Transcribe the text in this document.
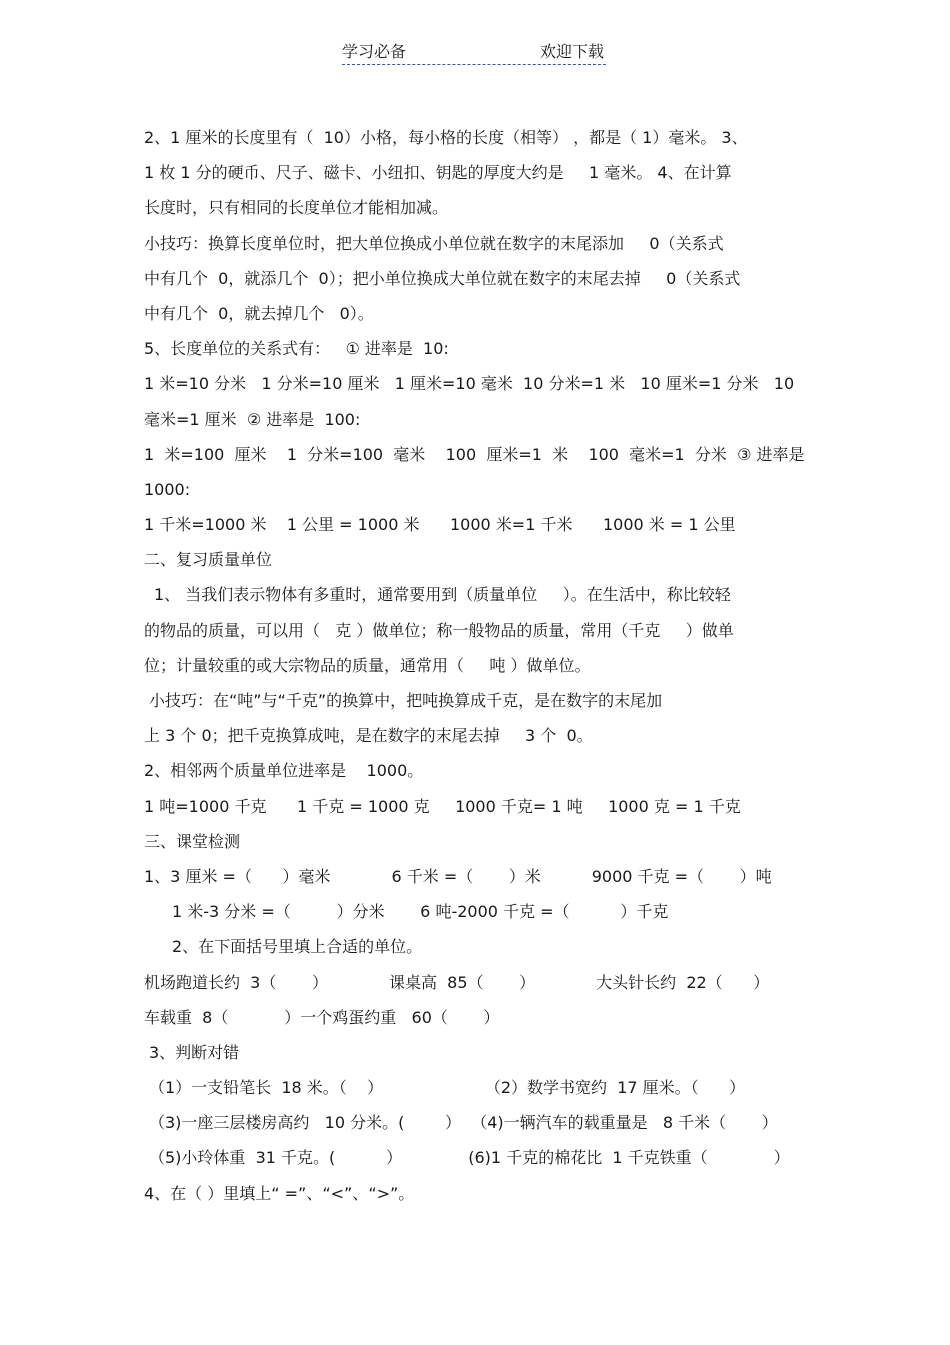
学习必备	欢迎下载
2、1 厘米的长度里有（  10）小格，每小格的长度（相等） ，都是（ 1）毫米。 3、
1 枚 1 分的硬币、尺子、磁卡、小纽扣、钥匙的厚度大约是     1 毫米。 4、在计算
长度时，只有相同的长度单位才能相加减。
小技巧：换算长度单位时，把大单位换成小单位就在数字的末尾添加     0（关系式
中有几个  0，就添几个  0）；把小单位换成大单位就在数字的末尾去掉     0（关系式
中有几个  0，就去掉几个   0）。
5、长度单位的关系式有：   ① 进率是  10:
1 米=10 分米   1 分米=10 厘米   1 厘米=10 毫米  10 分米=1 米   10 厘米=1 分米   10
毫米=1 厘米  ② 进率是  100:
1  米=100  厘米    1  分米=100  毫米    100  厘米=1  米    100  毫米=1  分米  ③ 进率是
1000:
1 千米=1000 米    1 公里 = 1000 米      1000 米=1 千米      1000 米 = 1 公里
二、复习质量单位
1、 当我们表示物体有多重时，通常要用到（质量单位     ）。在生活中，称比较轻
的物品的质量，可以用（   克 ）做单位；称一般物品的质量，常用（千克     ）做单
位；计量较重的或大宗物品的质量，通常用（     吨 ）做单位。
小技巧：在“吨”与“千克”的换算中，把吨换算成千克，是在数字的末尾加
上 3 个 0；把千克换算成吨，是在数字的末尾去掉     3 个  0。
2、相邻两个质量单位进率是    1000。
1 吨=1000 千克      1 千克 = 1000 克     1000 千克= 1 吨     1000 克 = 1 千克
三、课堂检测
1、3 厘米 =（      ）毫米            6 千米 =（       ）米          9000 千克 =（       ）吨
1 米-3 分米 =（         ）分米       6 吨-2000 千克 =（          ）千克
2、在下面括号里填上合适的单位。
机场跑道长约  3（       ）            课桌高  85（       ）            大头针长约  22（      ）
车载重  8（           ）一个鸡蛋约重   60（       ）
3、判断对错
（1）一支铅笔长  18 米。（    ）                    （2）数学书宽约  17 厘米。（      ）
（3)一座三层楼房高约   10 分米。(        ）  （4)一辆汽车的载重量是   8 千米（       ）
（5)小玲体重  31 千克。(          ）             (6)1 千克的棉花比  1 千克铁重（             ）
4、在（ ）里填上“ =”、“<”、“>”。
